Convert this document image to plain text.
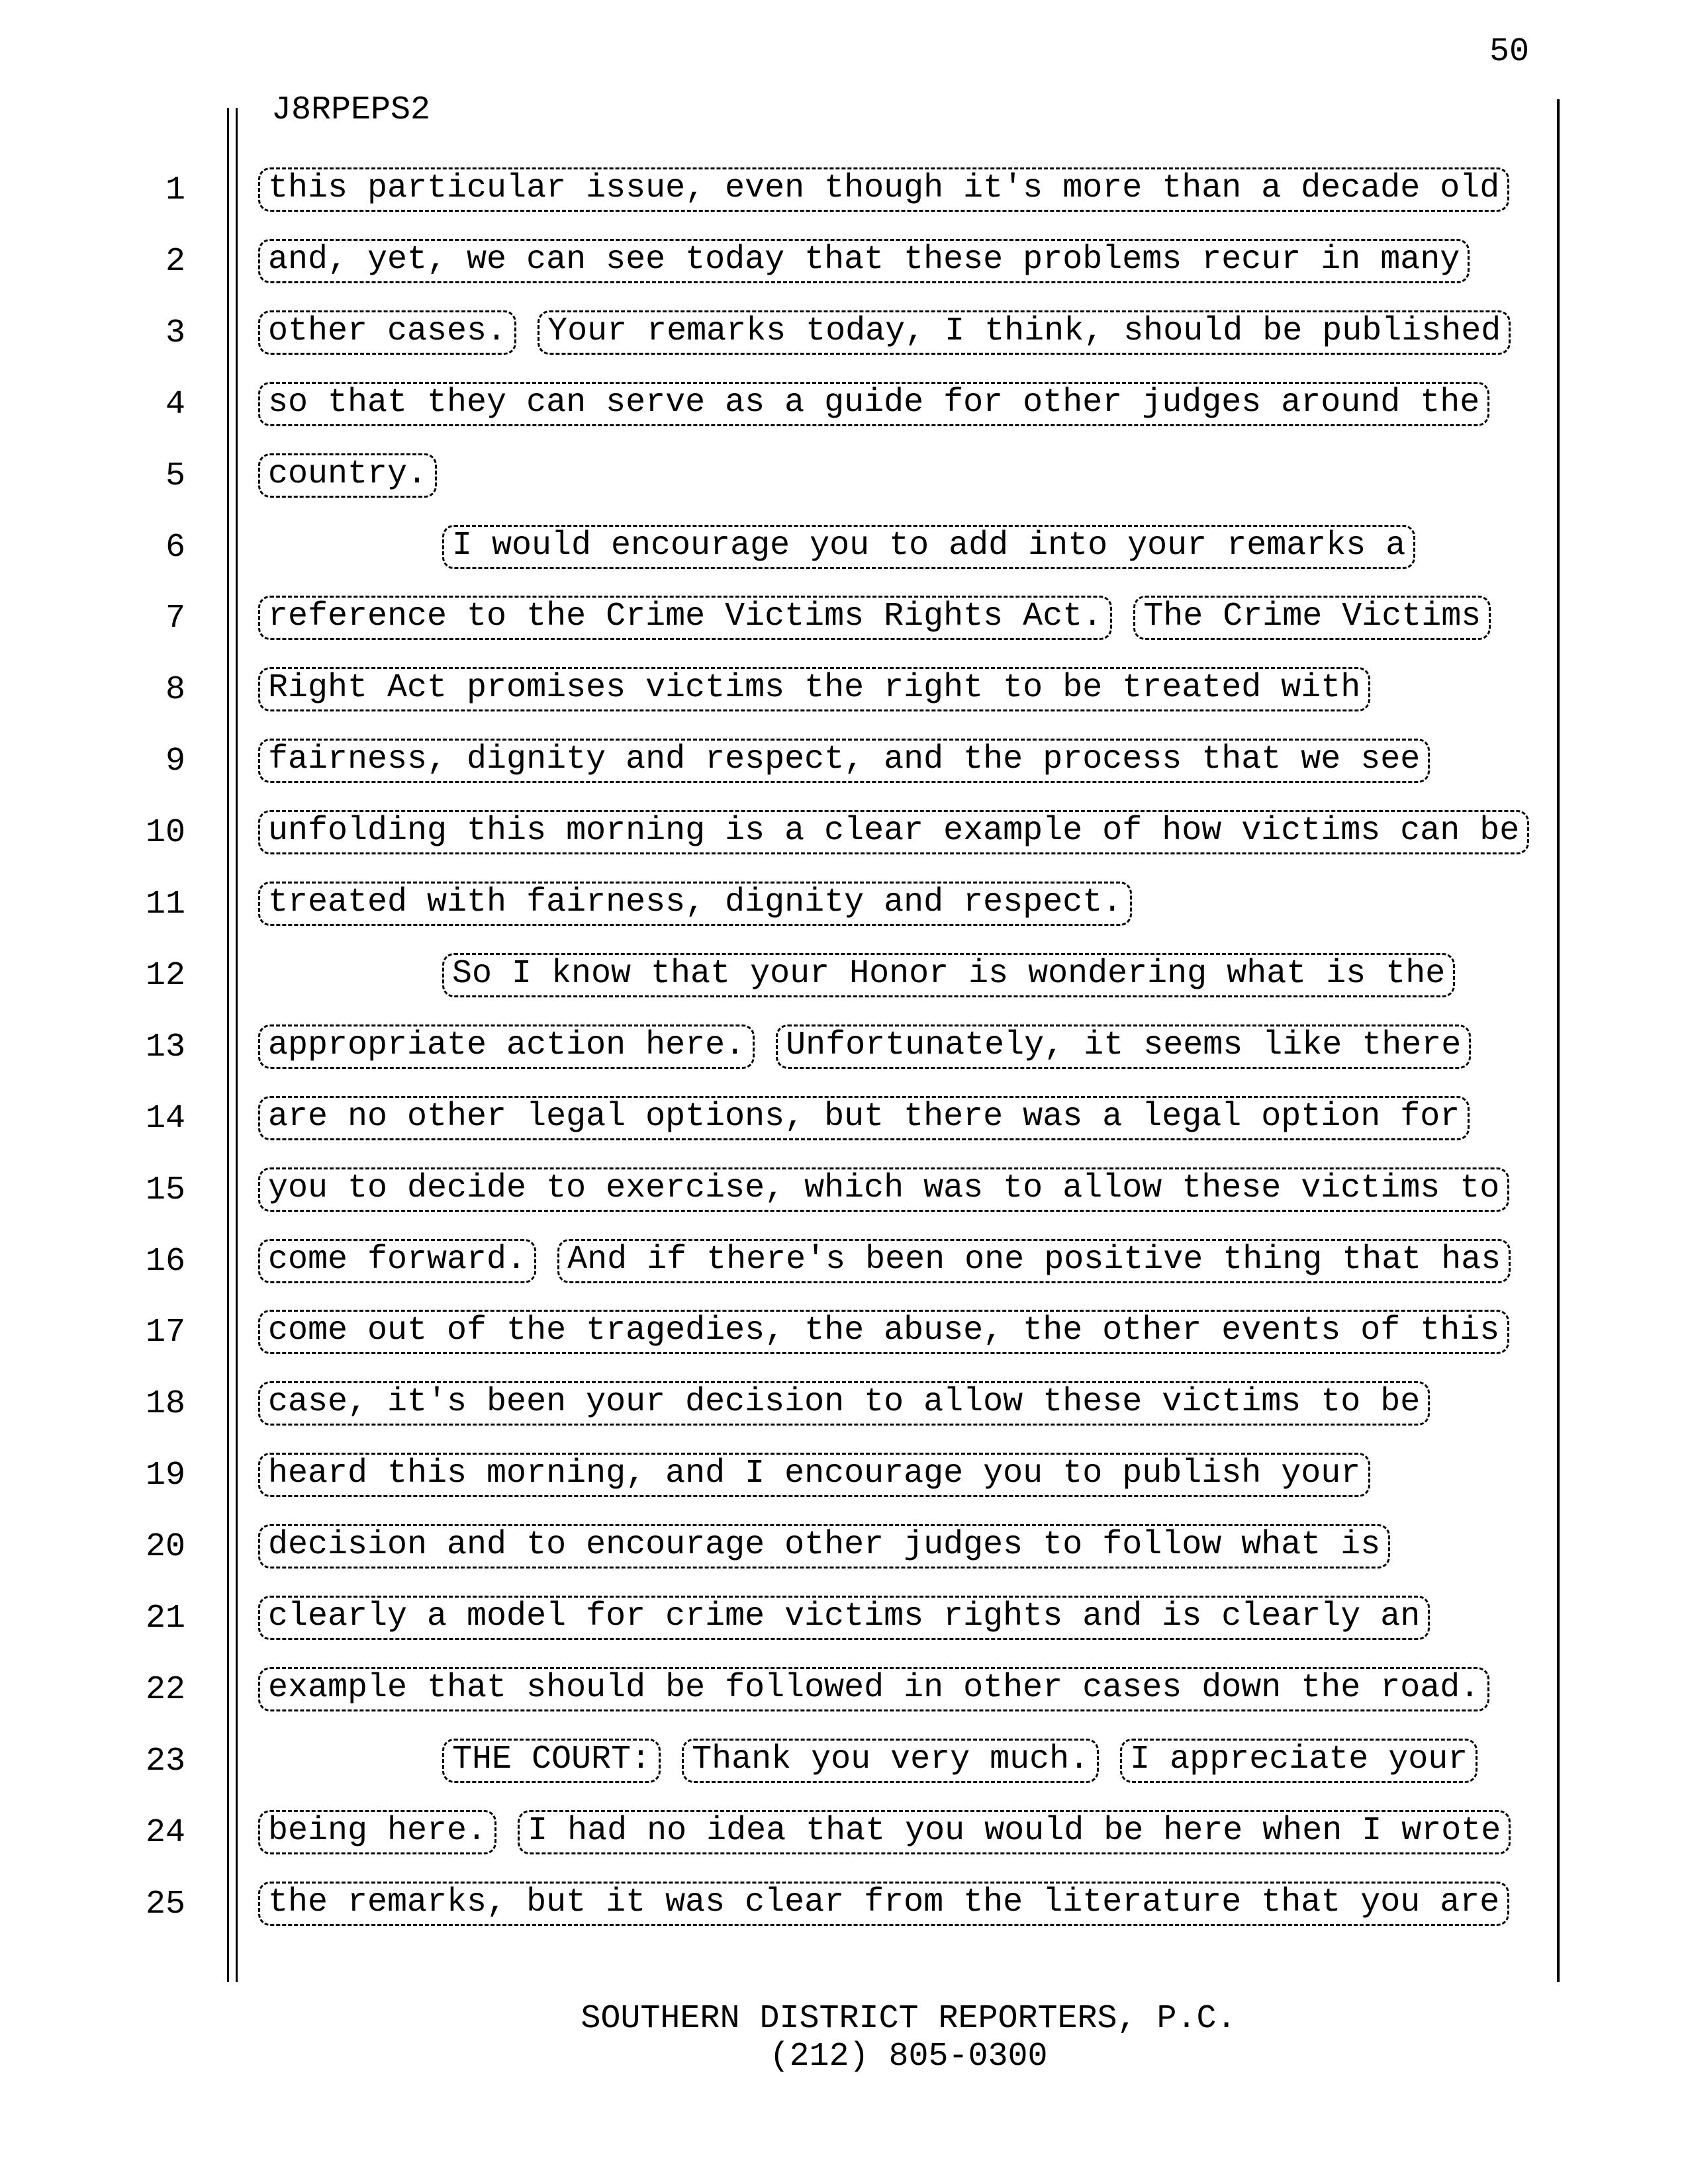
50
J8RPEPS2
1	this particular issue, even though it's more than a decade old
2	and, yet, we can see today that these problems recur in many
3	other cases. Your remarks today, I think, should be published
4	so that they can serve as a guide for other judges around the
5	country.
6	I would encourage you to add into your remarks a
7	reference to the Crime Victims Rights Act. The Crime Victims
8	Right Act promises victims the right to be treated with
9	fairness, dignity and respect, and the process that we see
10	unfolding this morning is a clear example of how victims can be
11	treated with fairness, dignity and respect.
12	So I know that your Honor is wondering what is the
13	appropriate action here. Unfortunately, it seems like there
14	are no other legal options, but there was a legal option for
15	you to decide to exercise, which was to allow these victims to
16	come forward. And if there's been one positive thing that has
17	come out of the tragedies, the abuse, the other events of this
18	case, it's been your decision to allow these victims to be
19	heard this morning, and I encourage you to publish your
20	decision and to encourage other judges to follow what is
21	clearly a model for crime victims rights and is clearly an
22	example that should be followed in other cases down the road.
23	THE COURT: Thank you very much. I appreciate your
24	being here. I had no idea that you would be here when I wrote
25	the remarks, but it was clear from the literature that you are
SOUTHERN DISTRICT REPORTERS, P.C.
(212) 805-0300
